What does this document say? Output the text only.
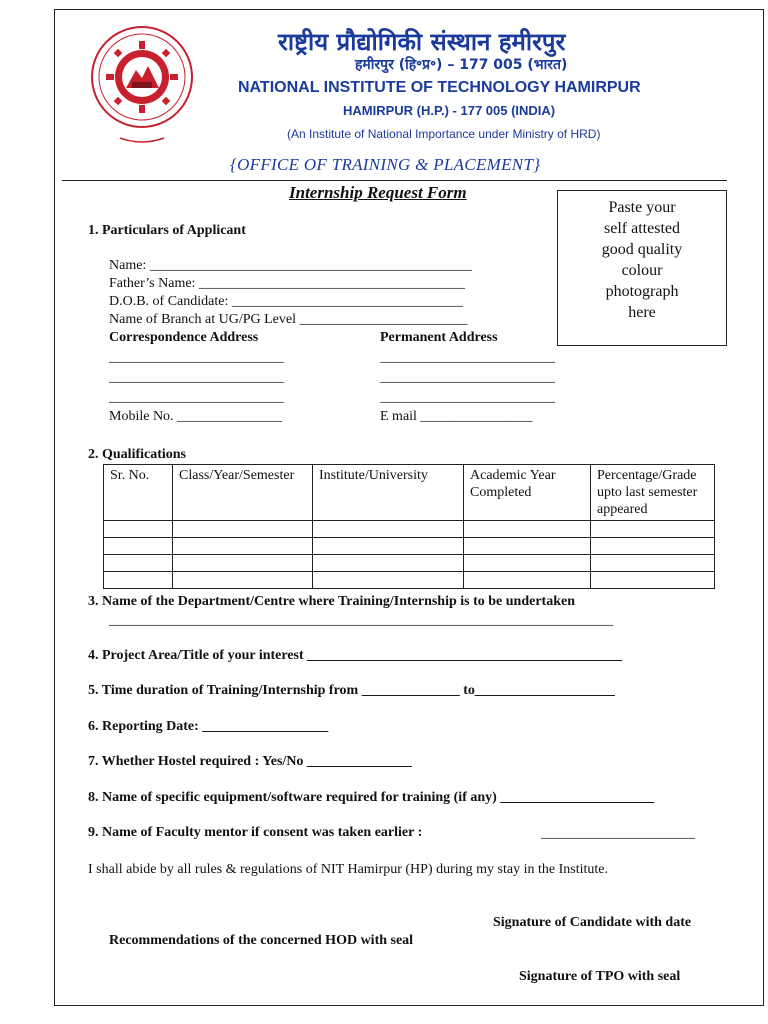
राष्ट्रीय प्रौद्योगिकी संस्थान हमीरपुर
हमीरपुर (हि॰प्र॰) – 177 005 (भारत)
NATIONAL INSTITUTE OF TECHNOLOGY HAMIRPUR
HAMIRPUR (H.P.) - 177 005 (INDIA)
(An Institute of National Importance under Ministry of HRD)
{OFFICE OF TRAINING & PLACEMENT}
Internship Request Form
Paste your
self attested
good quality
colour
photograph
here
1. Particulars of Applicant
Name: ______________________________________________
Father’s Name: ______________________________________
D.O.B. of Candidate: _________________________________
Name of Branch at UG/PG Level ________________________
Correspondence Address	Permanent Address
_________________________
_________________________
_________________________
_________________________
_________________________
_________________________
Mobile No. _______________	E mail ________________
2. Qualifications
Sr. No.	Class/Year/Semester	Institute/University	Academic Year Completed	Percentage/Grade upto last semester appeared

3. Name of the Department/Centre where Training/Internship is to be undertaken
________________________________________________________________________
4. Project Area/Title of your interest _____________________________________________
5. Time duration of Training/Internship from ______________ to____________________
6. Reporting Date: __________________
7. Whether Hostel required : Yes/No _______________
8. Name of specific equipment/software required for training (if any) ______________________
9. Name of Faculty mentor if consent was taken earlier :	______________________
I shall abide by all rules & regulations of NIT Hamirpur (HP) during my stay in the Institute.
Signature of Candidate with date
Recommendations of the concerned HOD with seal
Signature of TPO with seal
